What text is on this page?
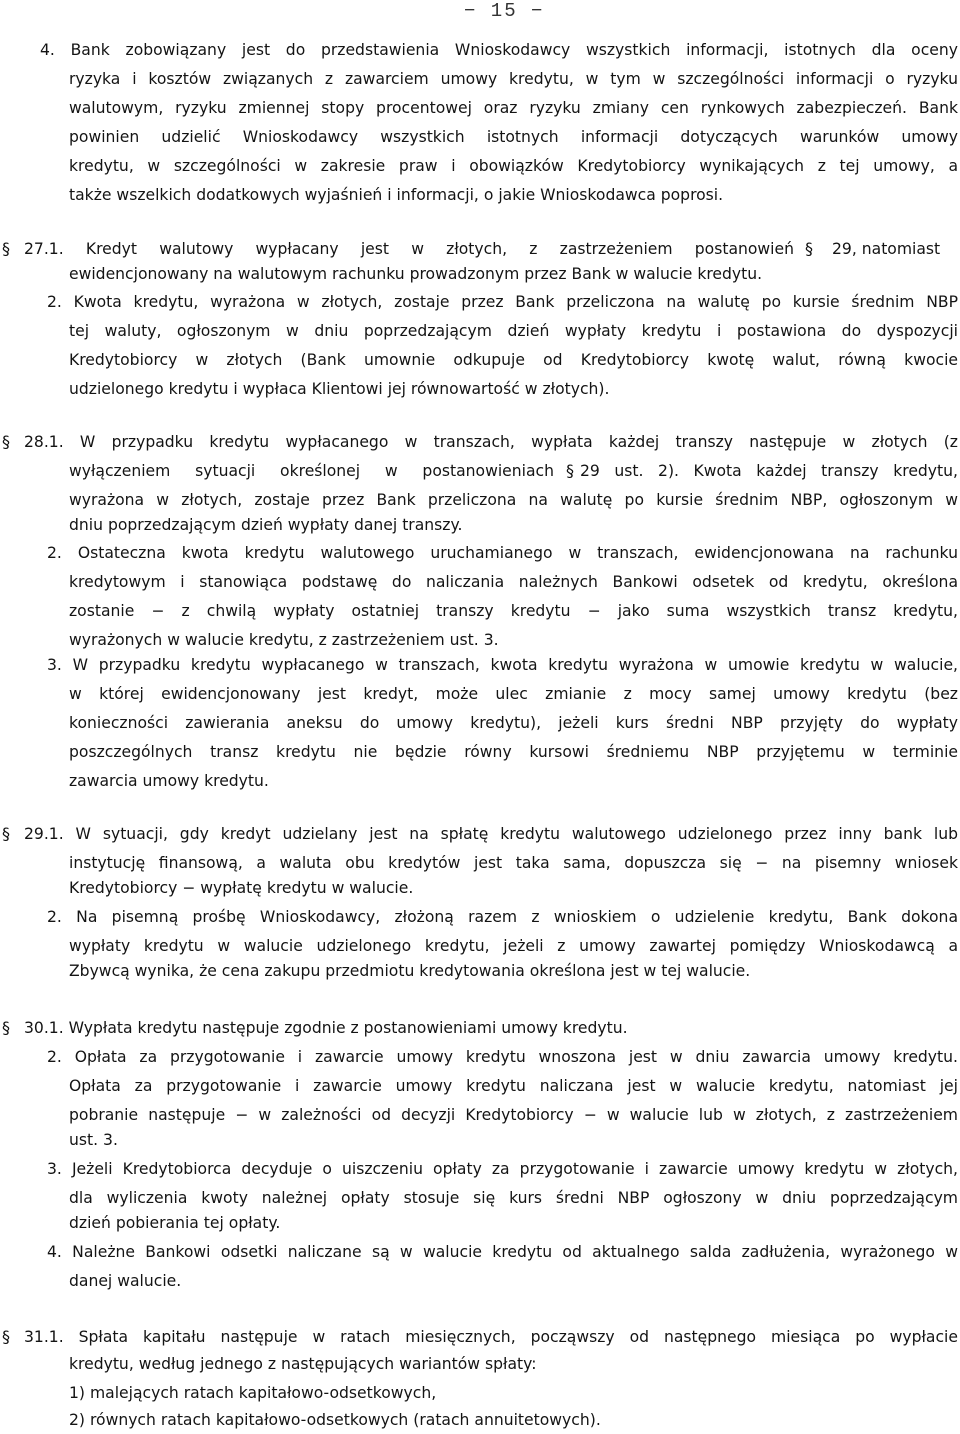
− 15 −
4. Bank zobowiązany jest do przedstawienia Wnioskodawcy wszystkich informacji, istotnych dla oceny
ryzyka i kosztów związanych z zawarciem umowy kredytu, w tym w szczególności informacji o ryzyku
walutowym, ryzyku zmiennej stopy procentowej oraz ryzyku zmiany cen rynkowych zabezpieczeń. Bank
powinien udzielić Wnioskodawcy wszystkich istotnych informacji dotyczących warunków umowy
kredytu, w szczególności w zakresie praw i obowiązków Kredytobiorcy wynikających z tej umowy, a
także wszelkich dodatkowych wyjaśnień i informacji, o jakie Wnioskodawca poprosi.
§ 27.1. Kredyt walutowy wypłacany jest w złotych, z zastrzeżeniem postanowień § 29, natomiast
ewidencjonowany na walutowym rachunku prowadzonym przez Bank w walucie kredytu.
2. Kwota kredytu, wyrażona w złotych, zostaje przez Bank przeliczona na walutę po kursie średnim NBP
tej waluty, ogłoszonym w dniu poprzedzającym dzień wypłaty kredytu i postawiona do dyspozycji
Kredytobiorcy w złotych (Bank umownie odkupuje od Kredytobiorcy kwotę walut, równą kwocie
udzielonego kredytu i wypłaca Klientowi jej równowartość w złotych).
§ 28.1. W przypadku kredytu wypłacanego w transzach, wypłata każdej transzy następuje w złotych (z
wyłączeniem sytuacji określonej w postanowieniach § 29 ust. 2). Kwota każdej transzy kredytu,
wyrażona w złotych, zostaje przez Bank przeliczona na walutę po kursie średnim NBP, ogłoszonym w
dniu poprzedzającym dzień wypłaty danej transzy.
2. Ostateczna kwota kredytu walutowego uruchamianego w transzach, ewidencjonowana na rachunku
kredytowym i stanowiąca podstawę do naliczania należnych Bankowi odsetek od kredytu, określona
zostanie − z chwilą wypłaty ostatniej transzy kredytu − jako suma wszystkich transz kredytu,
wyrażonych w walucie kredytu, z zastrzeżeniem ust. 3.
3. W przypadku kredytu wypłacanego w transzach, kwota kredytu wyrażona w umowie kredytu w walucie,
w której ewidencjonowany jest kredyt, może ulec zmianie z mocy samej umowy kredytu (bez
konieczności zawierania aneksu do umowy kredytu), jeżeli kurs średni NBP przyjęty do wypłaty
poszczególnych transz kredytu nie będzie równy kursowi średniemu NBP przyjętemu w terminie
zawarcia umowy kredytu.
§ 29.1. W sytuacji, gdy kredyt udzielany jest na spłatę kredytu walutowego udzielonego przez inny bank lub
instytucję finansową, a waluta obu kredytów jest taka sama, dopuszcza się − na pisemny wniosek
Kredytobiorcy − wypłatę kredytu w walucie.
2. Na pisemną prośbę Wnioskodawcy, złożoną razem z wnioskiem o udzielenie kredytu, Bank dokona
wypłaty kredytu w walucie udzielonego kredytu, jeżeli z umowy zawartej pomiędzy Wnioskodawcą a
Zbywcą wynika, że cena zakupu przedmiotu kredytowania określona jest w tej walucie.
§ 30.1. Wypłata kredytu następuje zgodnie z postanowieniami umowy kredytu.
2. Opłata za przygotowanie i zawarcie umowy kredytu wnoszona jest w dniu zawarcia umowy kredytu.
Opłata za przygotowanie i zawarcie umowy kredytu naliczana jest w walucie kredytu, natomiast jej
pobranie następuje − w zależności od decyzji Kredytobiorcy − w walucie lub w złotych, z zastrzeżeniem
ust. 3.
3. Jeżeli Kredytobiorca decyduje o uiszczeniu opłaty za przygotowanie i zawarcie umowy kredytu w złotych,
dla wyliczenia kwoty należnej opłaty stosuje się kurs średni NBP ogłoszony w dniu poprzedzającym
dzień pobierania tej opłaty.
4. Należne Bankowi odsetki naliczane są w walucie kredytu od aktualnego salda zadłużenia, wyrażonego w
danej walucie.
§ 31.1. Spłata kapitału następuje w ratach miesięcznych, począwszy od następnego miesiąca po wypłacie
kredytu, według jednego z następujących wariantów spłaty:
1) malejących ratach kapitałowo-odsetkowych,
2) równych ratach kapitałowo-odsetkowych (ratach annuitetowych).
